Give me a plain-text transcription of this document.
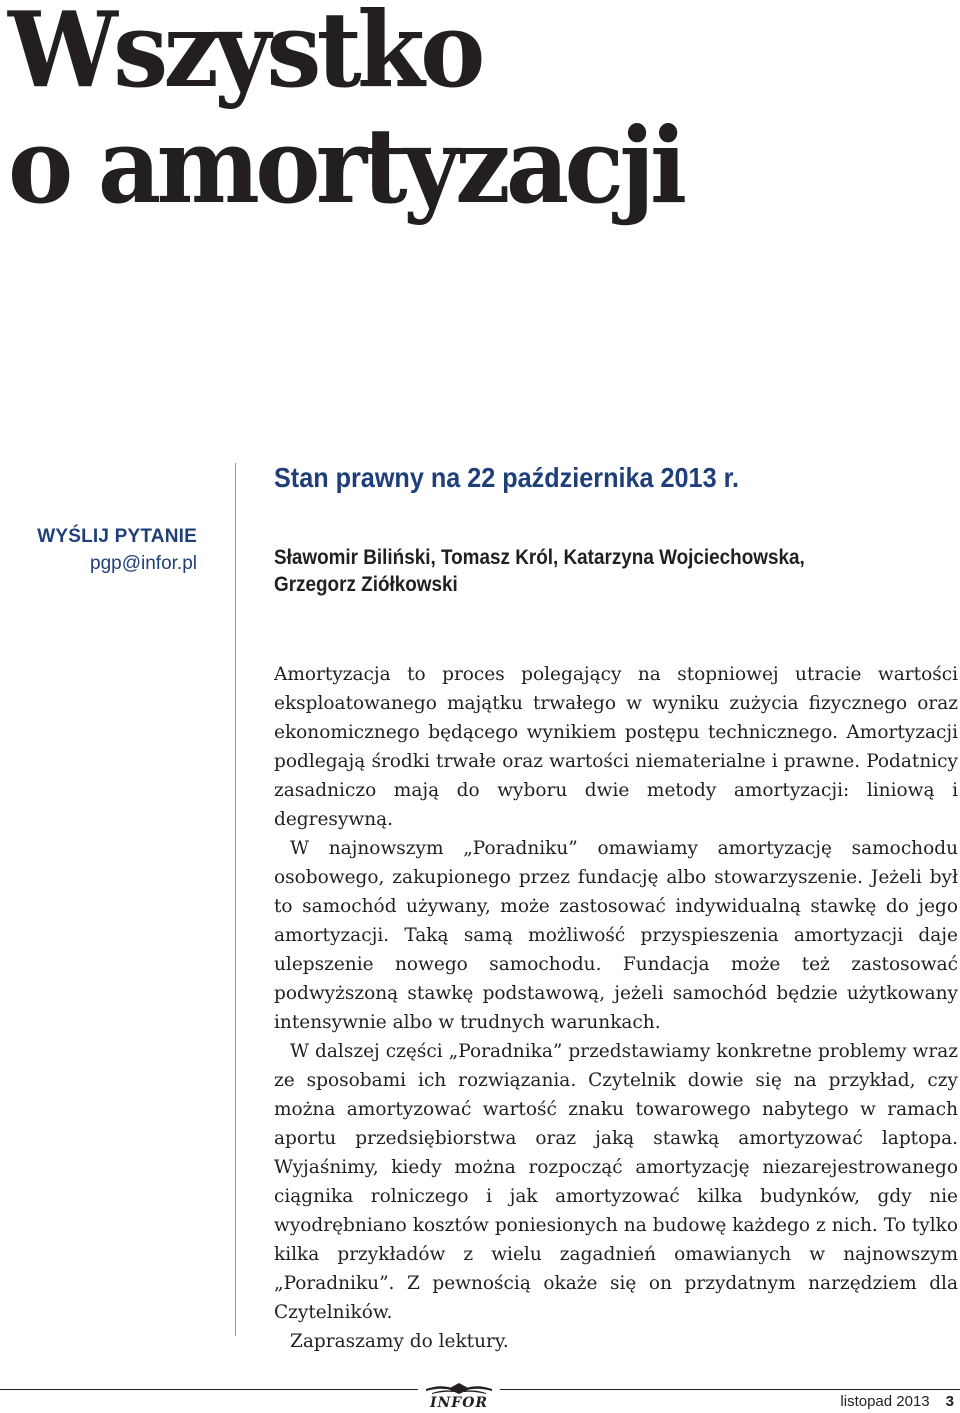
Wszystko
o amortyzacji
WYŚLIJ PYTANIE
pgp@infor.pl
Stan prawny na 22 października 2013 r.
Sławomir Biliński, Tomasz Król, Katarzyna Wojciechowska,
Grzegorz Ziółkowski

Amortyzacja to proces polegający na stopniowej utracie wartości eksploatowanego majątku trwałego w wyniku zużycia fizycznego oraz ekonomicznego będącego wynikiem postępu technicznego. Amortyzacji podlegają środki trwałe oraz wartości niematerialne i prawne. Podatnicy zasadniczo mają do wyboru dwie metody amortyzacji: liniową i degresywną.

W najnowszym „Poradniku” omawiamy amortyzację samochodu osobowego, zakupionego przez fundację albo stowarzyszenie. Jeżeli był to samochód używany, może zastosować indywidualną stawkę do jego amortyzacji. Taką samą możliwość przyspieszenia amortyzacji daje ulepszenie nowego samochodu. Fundacja może też zastosować podwyższoną stawkę podstawową, jeżeli samochód będzie użytkowany intensywnie albo w trudnych warunkach.

W dalszej części „Poradnika” przedstawiamy konkretne problemy wraz ze sposobami ich rozwiązania. Czytelnik dowie się na przykład, czy można amortyzować wartość znaku towarowego nabytego w ramach aportu przedsiębiorstwa oraz jaką stawką amortyzować laptopa. Wyjaśnimy, kiedy można rozpocząć amortyzację niezarejestrowanego ciągnika rolniczego i jak amortyzować kilka budynków, gdy nie wyodrębniano kosztów poniesionych na budowę każdego z nich. To tylko kilka przykładów z wielu zagadnień omawianych w najnowszym „Poradniku”. Z pewnością okaże się on przydatnym narzędziem dla Czytelników.

Zapraszamy do lektury.

INFOR	listopad 2013 3
